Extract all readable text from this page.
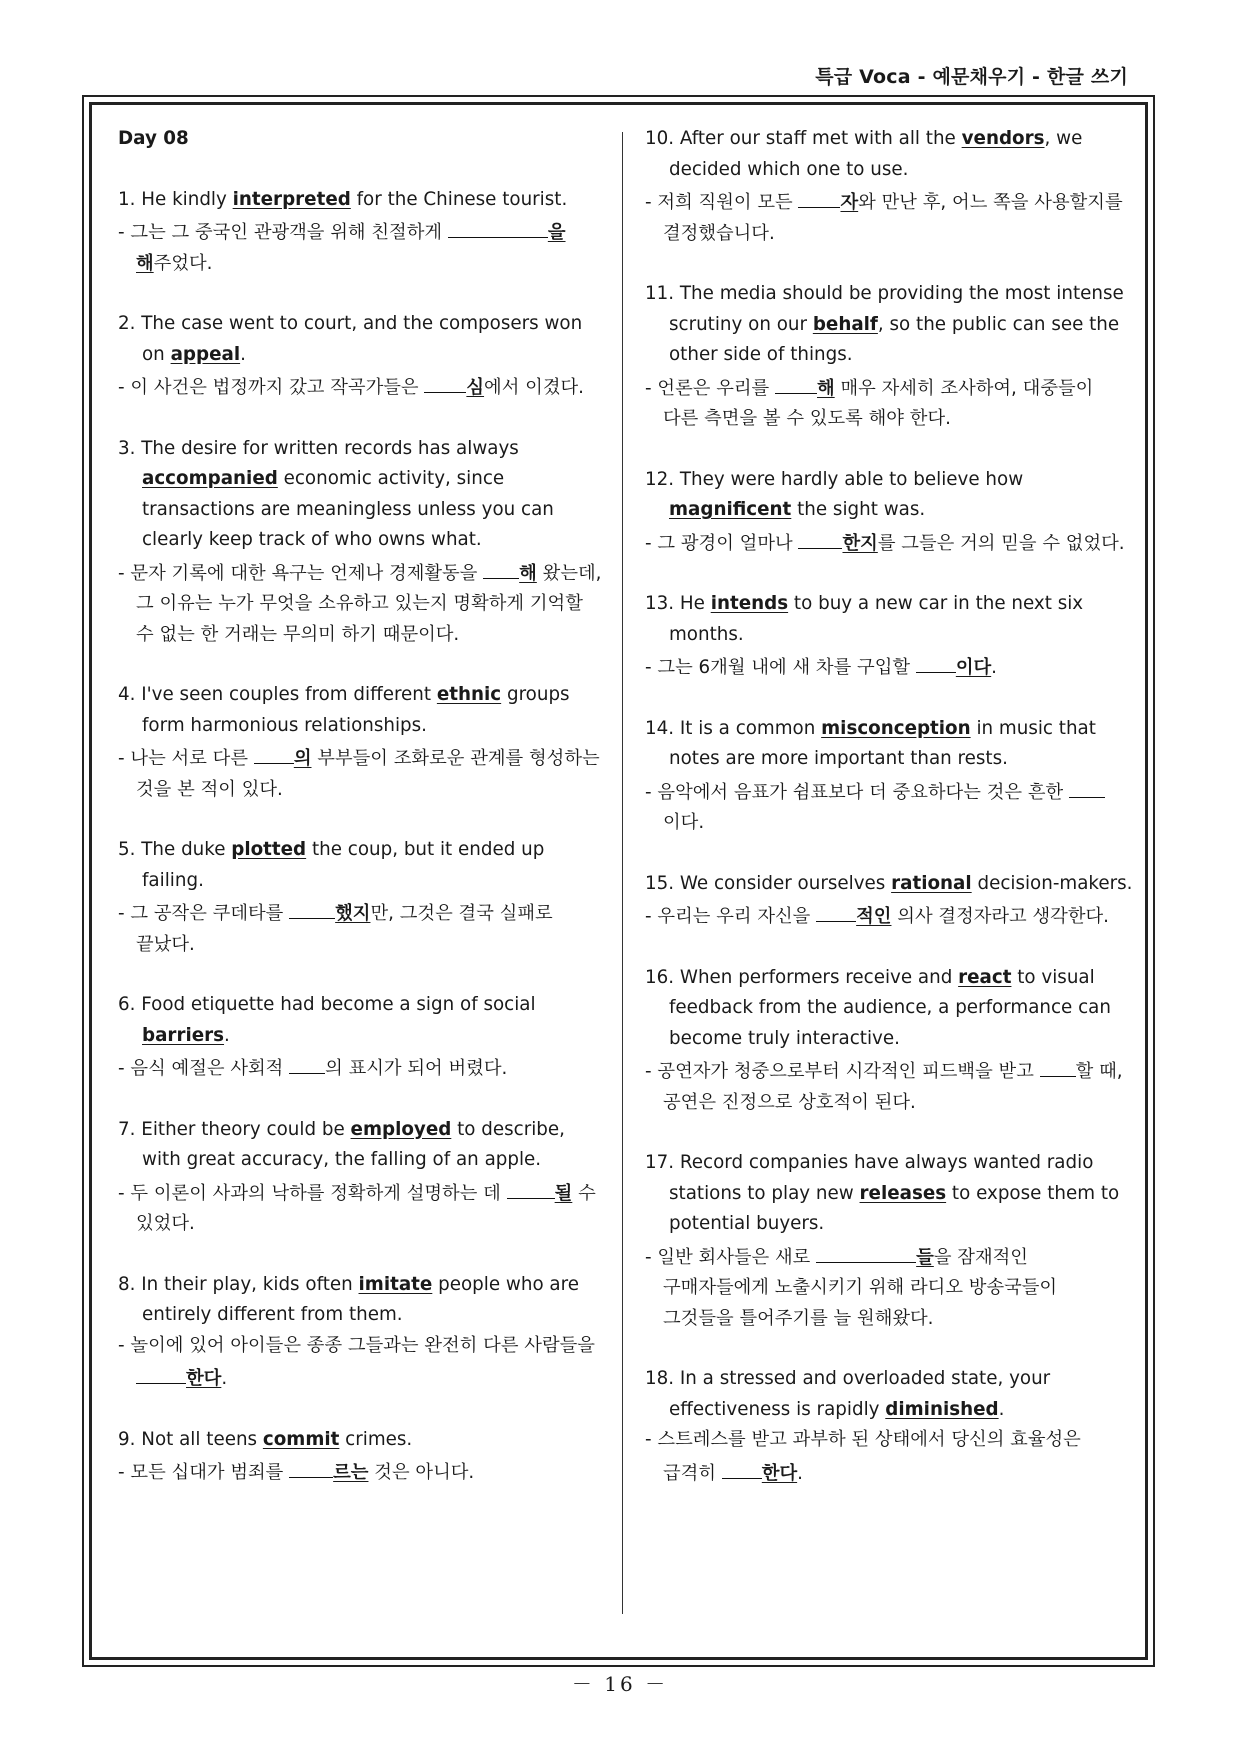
특급 Voca - 예문채우기 - 한글 쓰기
Day 08
1. He kindly interpreted for the Chinese tourist.
- 그는 그 중국인 관광객을 위해 친절하게	을 해주었다.
2. The case went to court, and the composers won on appeal.
- 이 사건은 법정까지 갔고 작곡가들은 심에서 이겼다.
3. The desire for written records has always accompanied economic activity, since transactions are meaningless unless you can clearly keep track of who owns what.
- 문자 기록에 대한 욕구는 언제나 경제활동을 해 왔는데, 그 이유는 누가 무엇을 소유하고 있는지 명확하게 기억할 수 없는 한 거래는 무의미 하기 때문이다.
4. I've seen couples from different ethnic groups form harmonious relationships.
- 나는 서로 다른 의 부부들이 조화로운 관계를 형성하는 것을 본 적이 있다.
5. The duke plotted the coup, but it ended up failing.
- 그 공작은 쿠데타를	했지만, 그것은 결국 실패로 끝났다.
6. Food etiquette had become a sign of social barriers.
- 음식 예절은 사회적 의 표시가 되어 버렸다.
7. Either theory could be employed to describe, with great accuracy, the falling of an apple.
- 두 이론이 사과의 낙하를 정확하게 설명하는 데	될 수 있었다.
8. In their play, kids often imitate people who are entirely different from them.
- 놀이에 있어 아이들은 종종 그들과는 완전히 다른 사람들을 한다.
9. Not all teens commit crimes.
- 모든 십대가 범죄를 르는 것은 아니다.
10. After our staff met with all the vendors, we decided which one to use.
- 저희 직원이 모든 자와 만난 후, 어느 쪽을 사용할지를 결정했습니다.
11. The media should be providing the most intense scrutiny on our behalf, so the public can see the other side of things.
- 언론은 우리를 해 매우 자세히 조사하여, 대중들이 다른 측면을 볼 수 있도록 해야 한다.
12. They were hardly able to believe how magnificent the sight was.
- 그 광경이 얼마나 한지를 그들은 거의 믿을 수 없었다.
13. He intends to buy a new car in the next six months.
- 그는 6개월 내에 새 차를 구입할 이다.
14. It is a common misconception in music that notes are more important than rests.
- 음악에서 음표가 쉼표보다 더 중요하다는 것은 흔한 이다.
15. We consider ourselves rational decision-makers.
- 우리는 우리 자신을 적인 의사 결정자라고 생각한다.
16. When performers receive and react to visual feedback from the audience, a performance can become truly interactive.
- 공연자가 청중으로부터 시각적인 피드백을 받고 할 때, 공연은 진정으로 상호적이 된다.
17. Record companies have always wanted radio stations to play new releases to expose them to potential buyers.
- 일반 회사들은 새로	들을 잠재적인 구매자들에게 노출시키기 위해 라디오 방송국들이 그것들을 틀어주기를 늘 원해왔다.
18. In a stressed and overloaded state, your effectiveness is rapidly diminished.
- 스트레스를 받고 과부하 된 상태에서 당신의 효율성은 급격히 한다.
－ 16 －
